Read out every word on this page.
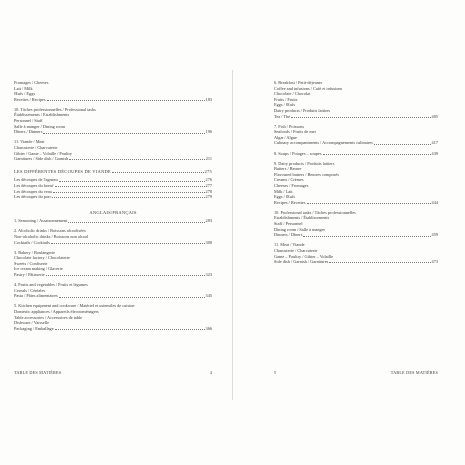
Fromages / Cheeses
Lait / Milk
Œufs / Eggs
Recettes / Recipes	183
10. Tâches professionnelles / Professional tasks
Établissements / Establishments
Personnel / Staff
Salle à manger / Dining room
Dîners / Dinners	196
11. Viande / Meat
Charcuterie / Charcuterie
Gibier / Game – Volaille / Poultry
Garnitures / Side dish / Garnish	211
LES DIFFÉRENTES DÉCOUPES DE VIANDE	275
Les découpes de l'agneau	276
Les découpes du boeuf	277
Les découpes du veau	278
Les découpes du porc	279
ANGLAIS/FRANÇAIS
1. Seasoning / Assaisonnement	283
2. Alcoholic drinks / Boissons alcoolisées
Non-alcoholic drinks / Boissons non alcool
Cocktails / Cocktails	300
3. Bakery / Boulangerie
Chocolate factory / Chocolaterie
Sweets / Confiserie
Ice cream making / Glacerie
Pastry / Pâtisserie	323
4. Fruits and vegetables / Fruits et légumes
Cereals / Céréales
Pasta / Pâtes alimentaires	345
5. Kitchen equipment and cookware / Matériel et ustensiles de cuisine
Domestic appliances / Appareils électroménagers
Table accessories / Accessoires de table
Dishware / Vaisselle
Packaging / Emballage	366
6. Breakfast / Petit-déjeuner
Coffee and infusions / Café et infusions
Chocolate / Chocolat
Fruits / Fruits
Eggs / Œufs
Dairy products / Produits laitiers
Tea / Thé	405
7. Fish / Poissons
Seafoods / Fruits de mer
Algæ / Algue
Culinary accompaniments / Accompagnements culinaires	417
8. Soups / Potages – soupes	439
9. Dairy products / Produits laitiers
Butters / Beurre
Flavoured butters / Beurres composés
Creams / Crèmes
Cheeses / Fromages
Milk / Lait
Eggs / Œufs
Recipes / Recettes	444
10. Professional tasks / Tâches professionnelles
Establishments / Établissements
Staff / Personnel
Dining room / Salle à manger
Dinners / Dîners	459
11. Meat / Viande
Charcuterie / Charcuterie
Game – Poultry / Gibier – Volaille
Side dish / Garnish / Garnitures	473
TABLE DES MATIÈRES	4	5	TABLE DES MATIÈRES
